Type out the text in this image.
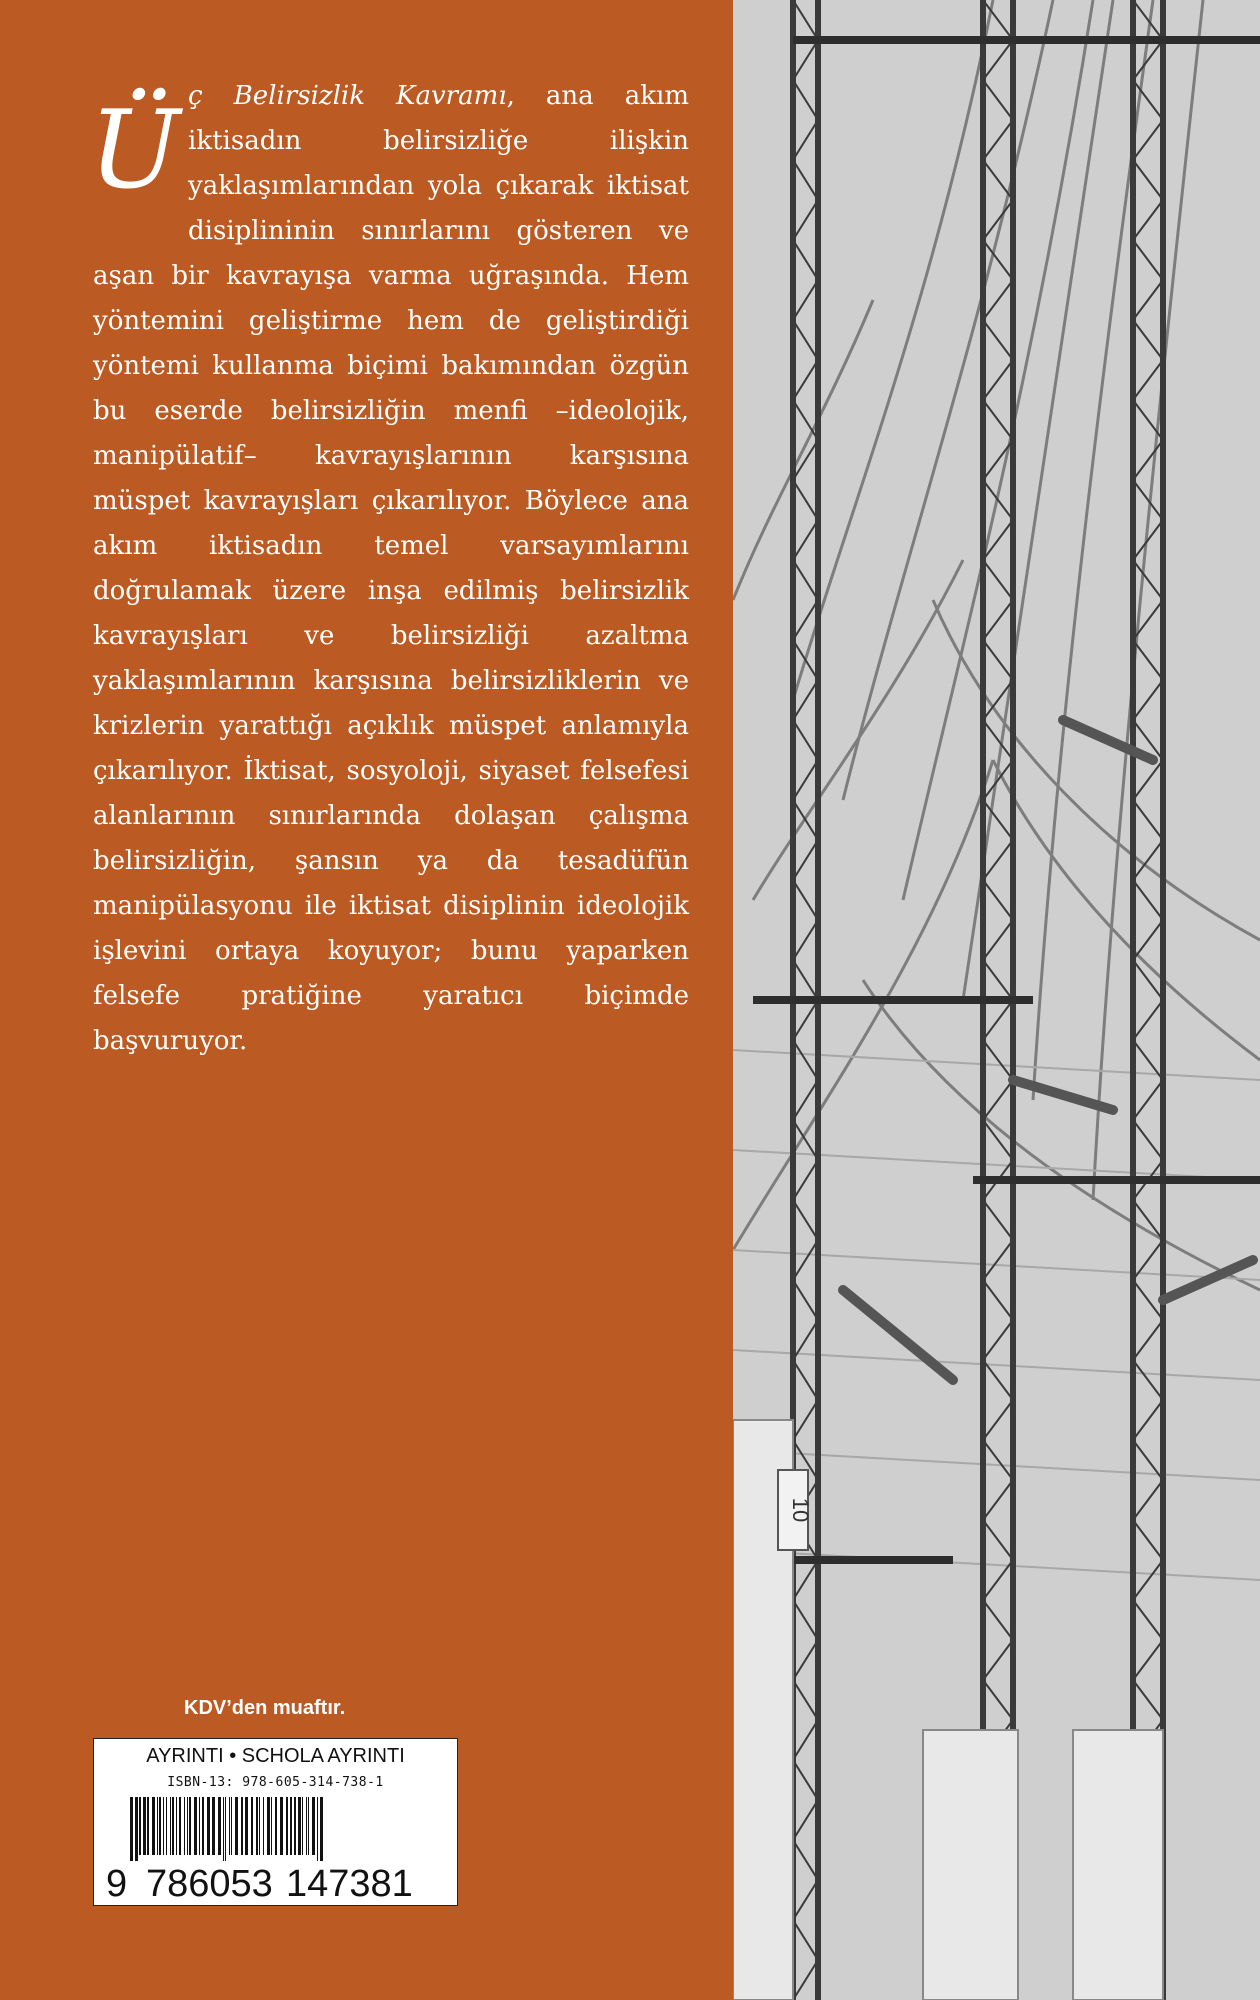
Ü ç Belirsizlik Kavramı, ana akım iktisadın belirsizliğe ilişkin yaklaşımlarından yola çıkarak iktisat disiplininin sınırlarını gösteren ve aşan bir kavrayışa varma uğraşında. Hem yöntemini geliştirme hem de geliştirdiği yöntemi kullanma biçimi bakımından özgün bu eserde belirsizliğin menfi –ideolojik, manipülatif– kavrayışlarının karşısına müspet kavrayışları çıkarılıyor. Böylece ana akım iktisadın temel varsayımlarını doğrulamak üzere inşa edilmiş belirsizlik kavrayışları ve belirsizliği azaltma yaklaşımlarının karşısına belirsizliklerin ve krizlerin yarattığı açıklık müspet anlamıyla çıkarılıyor. İktisat, sosyoloji, siyaset felsefesi alanlarının sınırlarında dolaşan çalışma belirsizliğin, şansın ya da tesadüfün manipülasyonu ile iktisat disiplinin ideolojik işlevini ortaya koyuyor; bunu yaparken felsefe pratiğine yaratıcı biçimde başvuruyor.

KDV’den muaftır.
AYRINTI • SCHOLA AYRINTI
ISBN-13: 978-605-314-738-1
9 786053 147381
10
